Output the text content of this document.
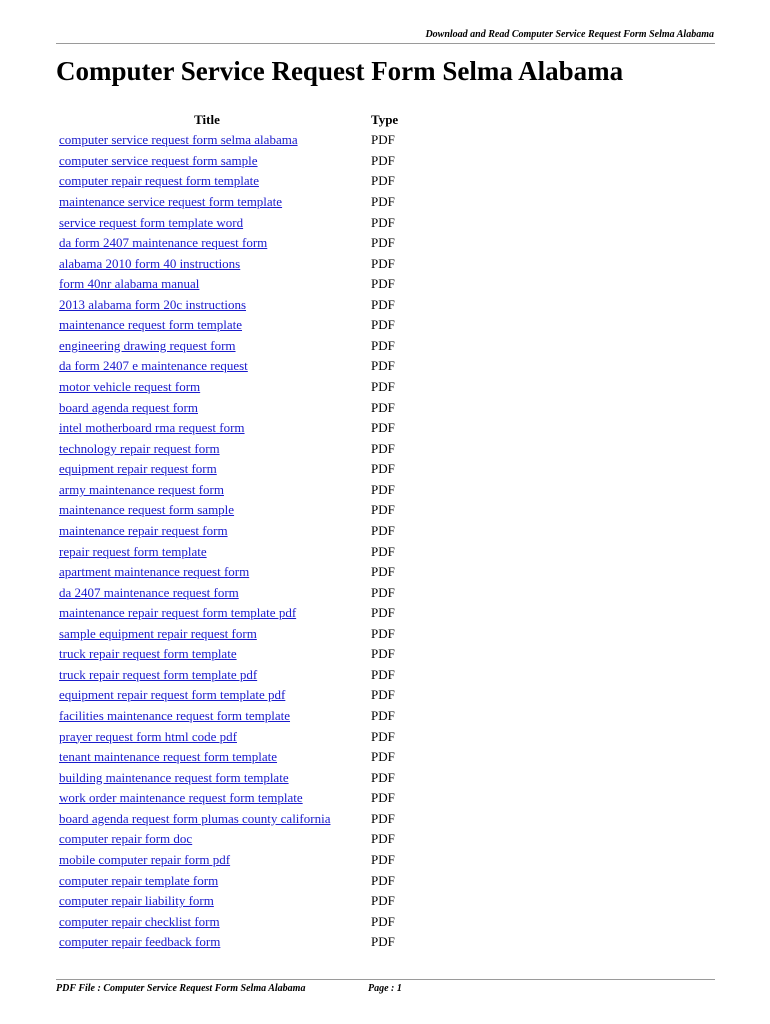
Download and Read Computer Service Request Form Selma Alabama
Computer Service Request Form Selma Alabama
Title	Type
computer service request form selma alabama	PDF
computer service request form sample	PDF
computer repair request form template	PDF
maintenance service request form template	PDF
service request form template word	PDF
da form 2407 maintenance request form	PDF
alabama 2010 form 40 instructions	PDF
form 40nr alabama manual	PDF
2013 alabama form 20c instructions	PDF
maintenance request form template	PDF
engineering drawing request form	PDF
da form 2407 e maintenance request	PDF
motor vehicle request form	PDF
board agenda request form	PDF
intel motherboard rma request form	PDF
technology repair request form	PDF
equipment repair request form	PDF
army maintenance request form	PDF
maintenance request form sample	PDF
maintenance repair request form	PDF
repair request form template	PDF
apartment maintenance request form	PDF
da 2407 maintenance request form	PDF
maintenance repair request form template pdf	PDF
sample equipment repair request form	PDF
truck repair request form template	PDF
truck repair request form template pdf	PDF
equipment repair request form template pdf	PDF
facilities maintenance request form template	PDF
prayer request form html code pdf	PDF
tenant maintenance request form template	PDF
building maintenance request form template	PDF
work order maintenance request form template	PDF
board agenda request form plumas county california	PDF
computer repair form doc	PDF
mobile computer repair form pdf	PDF
computer repair template form	PDF
computer repair liability form	PDF
computer repair checklist form	PDF
computer repair feedback form	PDF
PDF File : Computer Service Request Form Selma Alabama	Page : 1
